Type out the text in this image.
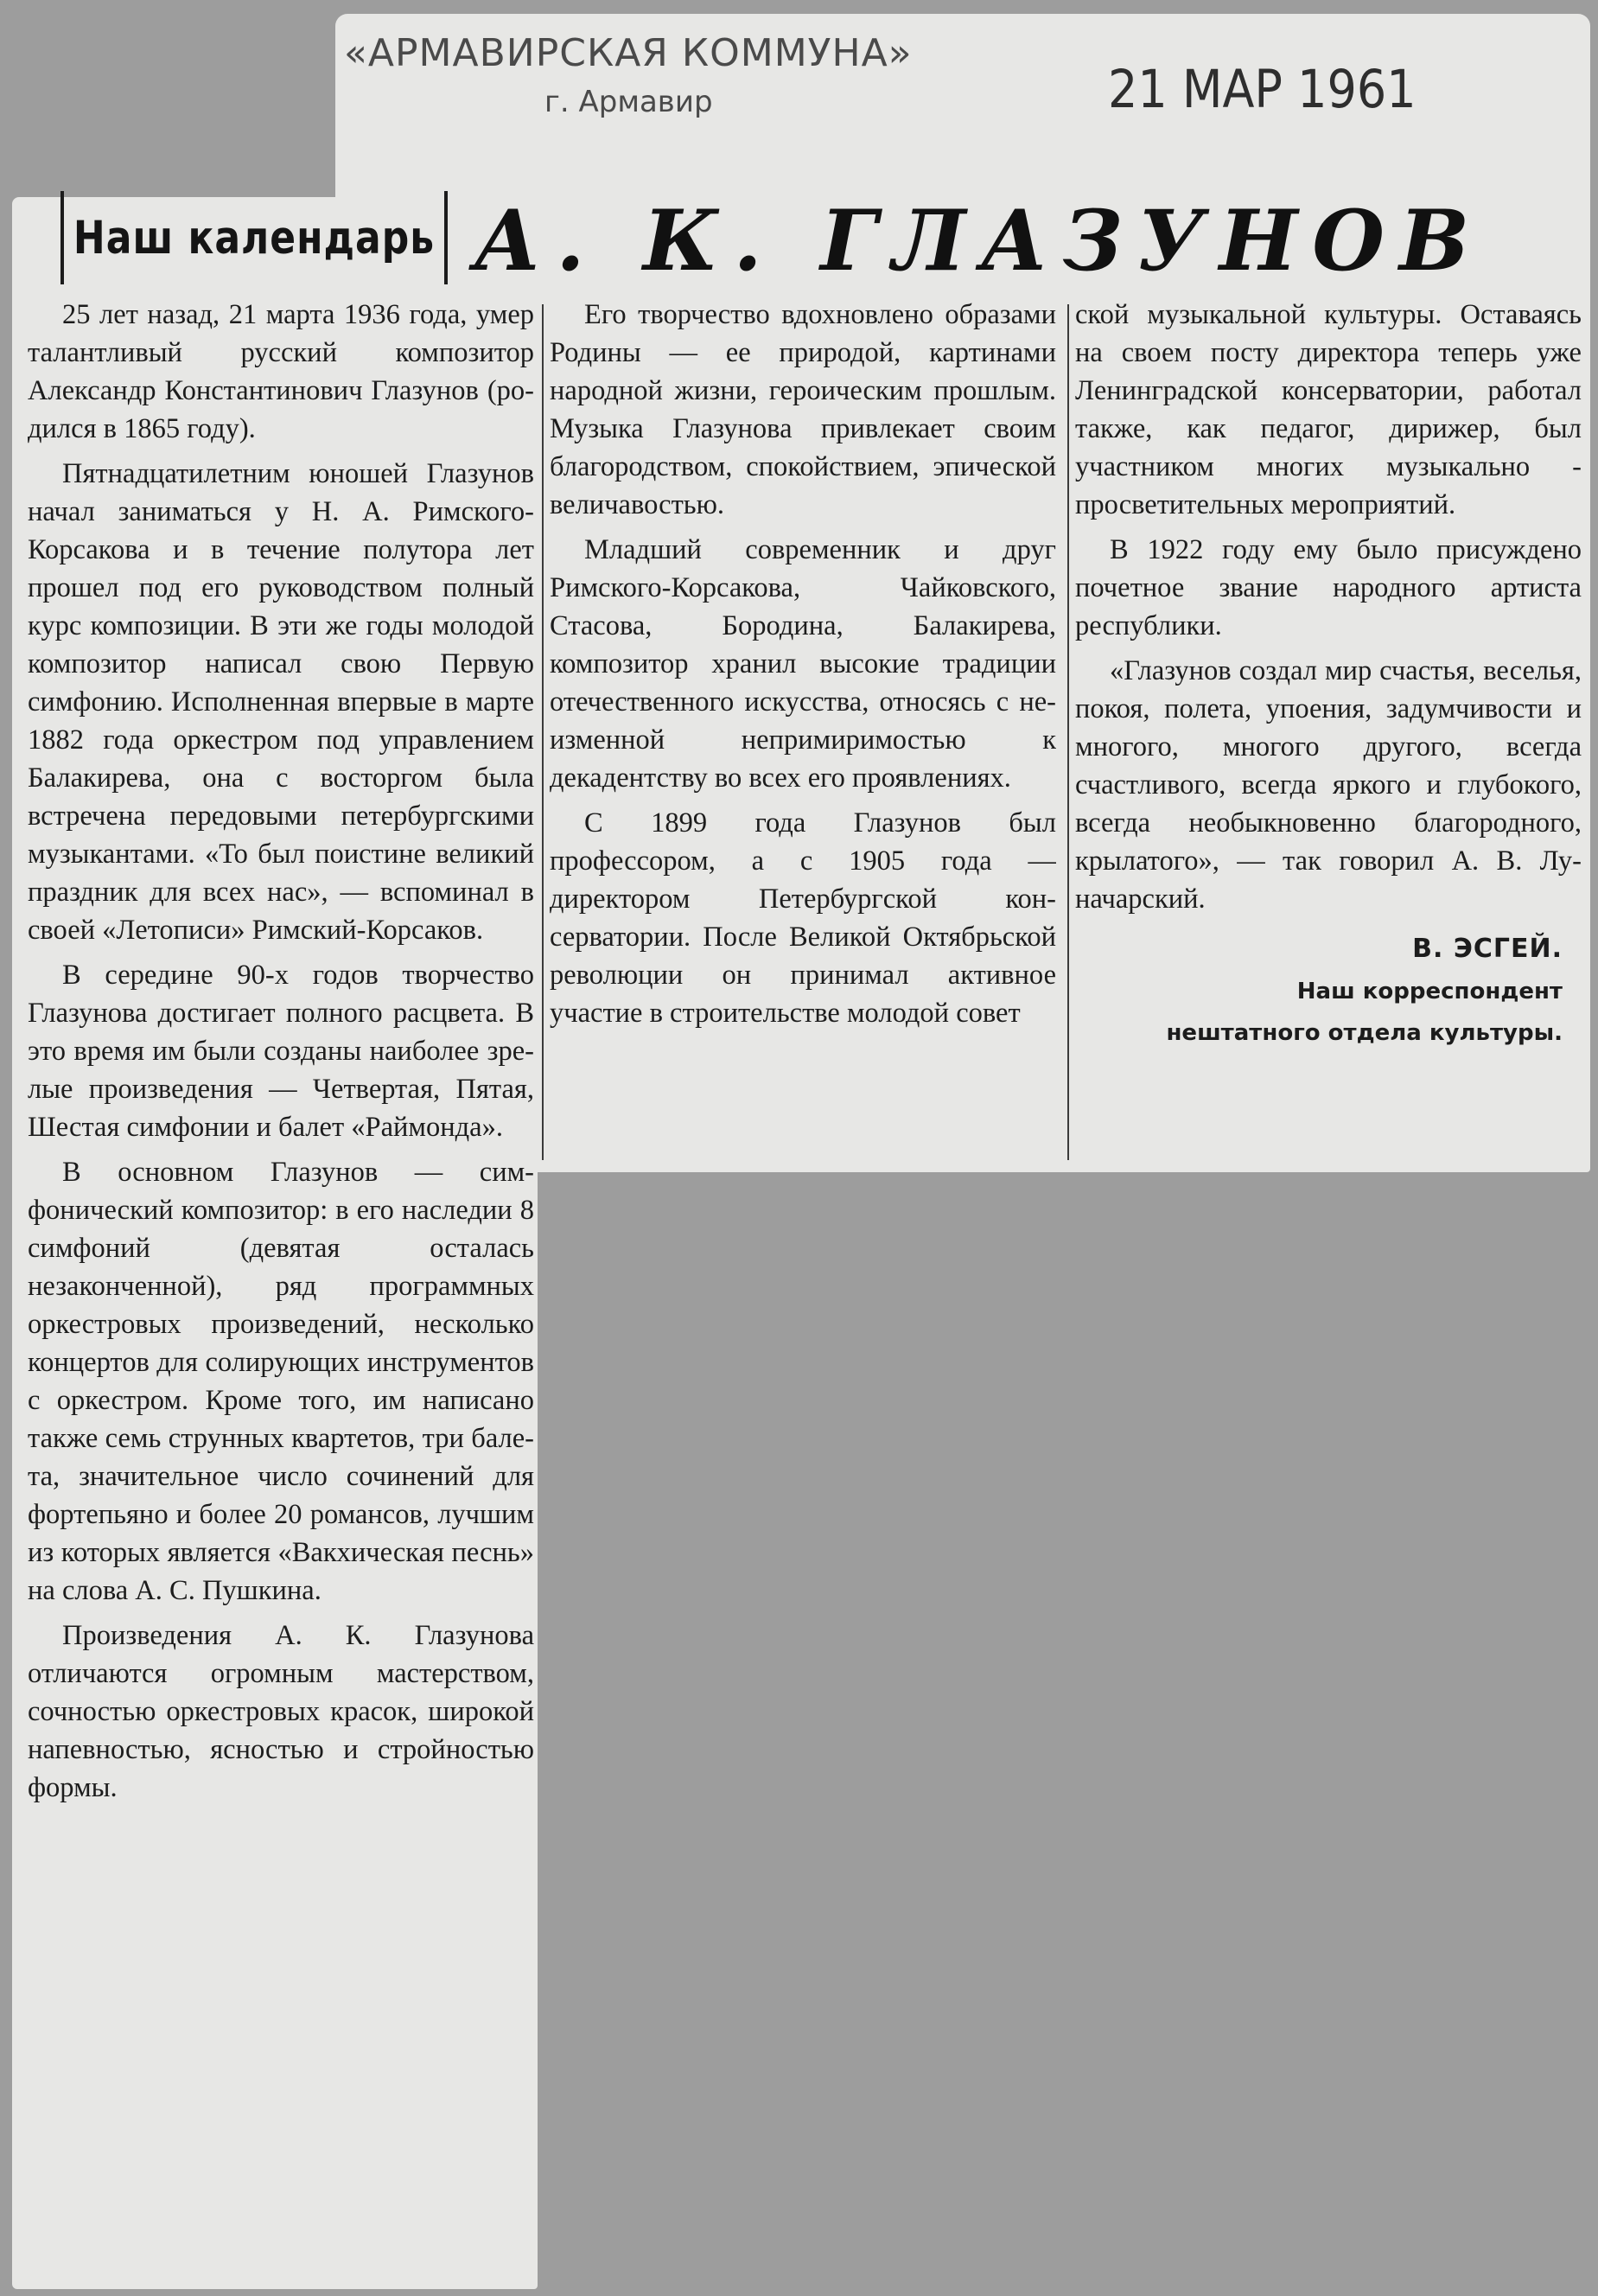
«АРМАВИРСКАЯ КОММУНА»
г. Армавир	21 МАР 1961
Наш календарь А. К. ГЛАЗУНОВ

25 лет назад, 21 марта 1936 года, умер талантливый русский композитор Александр Константинович Глазунов (родился в 1865 году).

Пятнадцатилетним юношей Глазунов начал заниматься у Н. А. Римского-Корсакова и в течение полутора лет прошел под его руководством полный курс композиции. В эти же годы молодой композитор написал свою Первую симфонию. Исполненная впервые в марте 1882 года оркестром под управлением Балакирева, она с восторгом была встречена передовыми петербургскими музыкантами. «То был поистине великий праздник для всех нас», — вспоминал в своей «Летописи» Римский-Корсаков.

В середине 90-х годов творчество Глазунова достигает полного расцвета. В это время им были созданы наиболее зрелые произведения — Четвертая, Пятая, Шестая симфонии и балет «Раймонда».

В основном Глазунов — симфонический композитор: в его наследии 8 симфоний (девятая осталась незаконченной), ряд программных оркестровых произведений, несколько концертов для солирующих инструментов с оркестром. Кроме того, им написано также семь струнных квартетов, три балета, значительное число сочинений для фортепьяно и более 20 романсов, лучшим из которых является «Вакхическая песнь» на слова А. С. Пушкина.

Произведения А. К. Глазунова отличаются огромным мастерством, сочностью оркестровых красок, широкой напевностью, ясностью и стройностью формы.

Его творчество вдохновлено образами Родины — ее природой, картинами народной жизни, героическим прошлым. Музыка Глазунова привлекает своим благородством, спокойствием, эпической величавостью.

Младший современник и друг Римского-Корсакова, Чайковского, Стасова, Бородина, Балакирева, композитор хранил высокие традиции отечественного искусства, относясь с неизменной непримиримостью к декадентству во всех его проявлениях.

С 1899 года Глазунов был профессором, а с 1905 года — директором Петербургской консерватории. После Великой Октябрьской революции он принимал активное участие в строительстве молодой совет

ской музыкальной культуры. Оставаясь на своем посту директора теперь уже Ленинградской консерватории, работал также, как педагог, дирижер, был участником многих музыкально - просветительных мероприятий.

В 1922 году ему было присуждено почетное звание народного артиста республики.

«Глазунов создал мир счастья, веселья, покоя, полета, упоения, задумчивости и многого, многого другого, всегда счастливого, всегда яркого и глубокого, всегда необыкновенно благородного, крылатого», — так говорил А. В. Луначарский.

В. ЭСГЕЙ.

Наш корреспондент

нештатного отдела культуры.
